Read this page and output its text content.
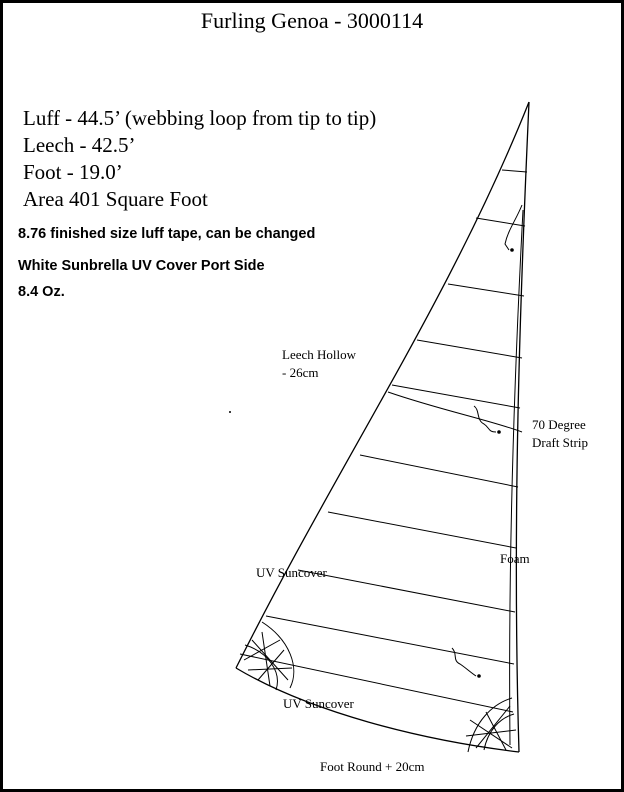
Furling Genoa - 3000114
Luff - 44.5’ (webbing loop from tip to tip)
Leech - 42.5’
Foot - 19.0’
Area 401 Square Foot
8.76 finished size luff tape, can be changed
White Sunbrella UV Cover Port Side
8.4 Oz.
Leech Hollow
- 26cm
70 Degree
Draft Strip
Foam
UV Suncover
UV Suncover
Foot Round + 20cm
